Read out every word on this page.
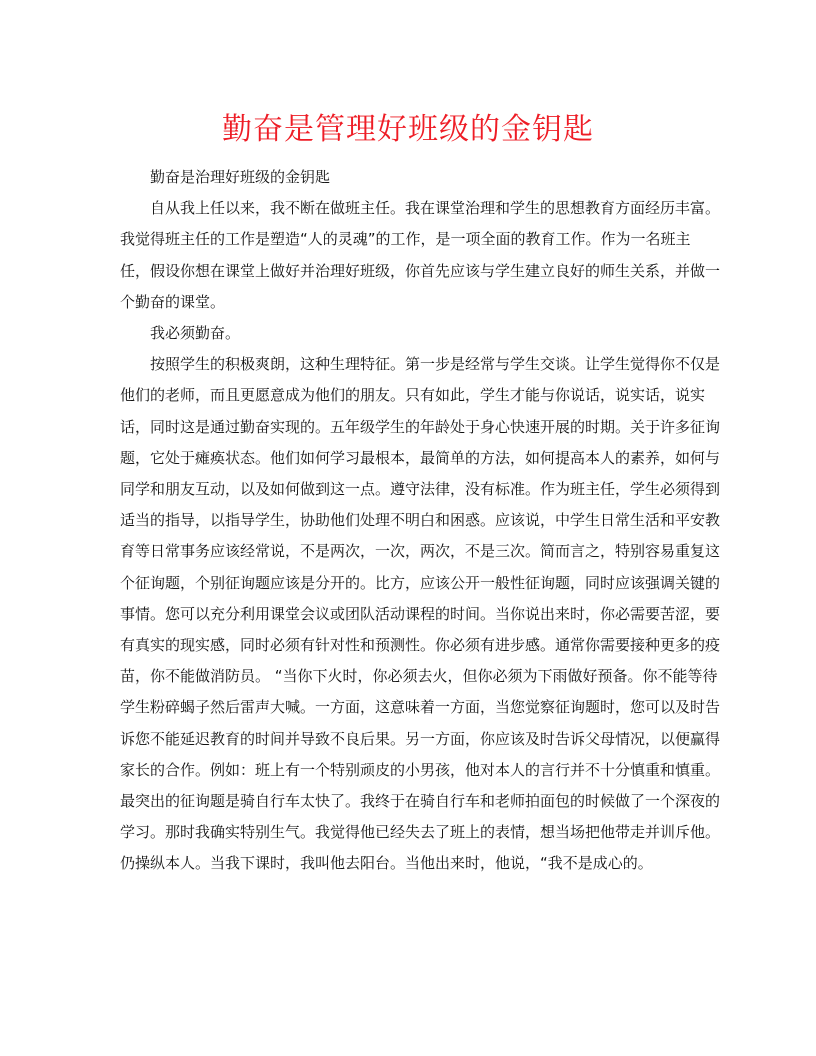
勤奋是管理好班级的金钥匙

勤奋是治理好班级的金钥匙

自从我上任以来，我不断在做班主任。我在课堂治理和学生的思想教育方面经历丰富。我觉得班主任的工作是塑造“人的灵魂”的工作，是一项全面的教育工作。作为一名班主任，假设你想在课堂上做好并治理好班级，你首先应该与学生建立良好的师生关系，并做一个勤奋的课堂。

我必须勤奋。

按照学生的积极爽朗，这种生理特征。第一步是经常与学生交谈。让学生觉得你不仅是他们的老师，而且更愿意成为他们的朋友。只有如此，学生才能与你说话，说实话，说实话，同时这是通过勤奋实现的。五年级学生的年龄处于身心快速开展的时期。关于许多征询题，它处于瘫痪状态。他们如何学习最根本，最简单的方法，如何提高本人的素养，如何与同学和朋友互动，以及如何做到这一点。遵守法律，没有标准。作为班主任，学生必须得到适当的指导，以指导学生，协助他们处理不明白和困惑。应该说，中学生日常生活和平安教育等日常事务应该经常说，不是两次，一次，两次，不是三次。简而言之，特别容易重复这个征询题，个别征询题应该是分开的。比方，应该公开一般性征询题，同时应该强调关键的事情。您可以充分利用课堂会议或团队活动课程的时间。当你说出来时，你必需要苦涩，要有真实的现实感，同时必须有针对性和预测性。你必须有进步感。通常你需要接种更多的疫苗，你不能做消防员。 “当你下火时，你必须去火，但你必须为下雨做好预备。你不能等待学生粉碎蝎子然后雷声大喊。一方面，这意味着一方面，当您觉察征询题时，您可以及时告诉您不能延迟教育的时间并导致不良后果。另一方面，你应该及时告诉父母情况，以便赢得家长的合作。例如：班上有一个特别顽皮的小男孩，他对本人的言行并不十分慎重和慎重。最突出的征询题是骑自行车太快了。我终于在骑自行车和老师拍面包的时候做了一个深夜的学习。那时我确实特别生气。我觉得他已经失去了班上的表情，想当场把他带走并训斥他。仍操纵本人。当我下课时，我叫他去阳台。当他出来时，他说，“我不是成心的。
